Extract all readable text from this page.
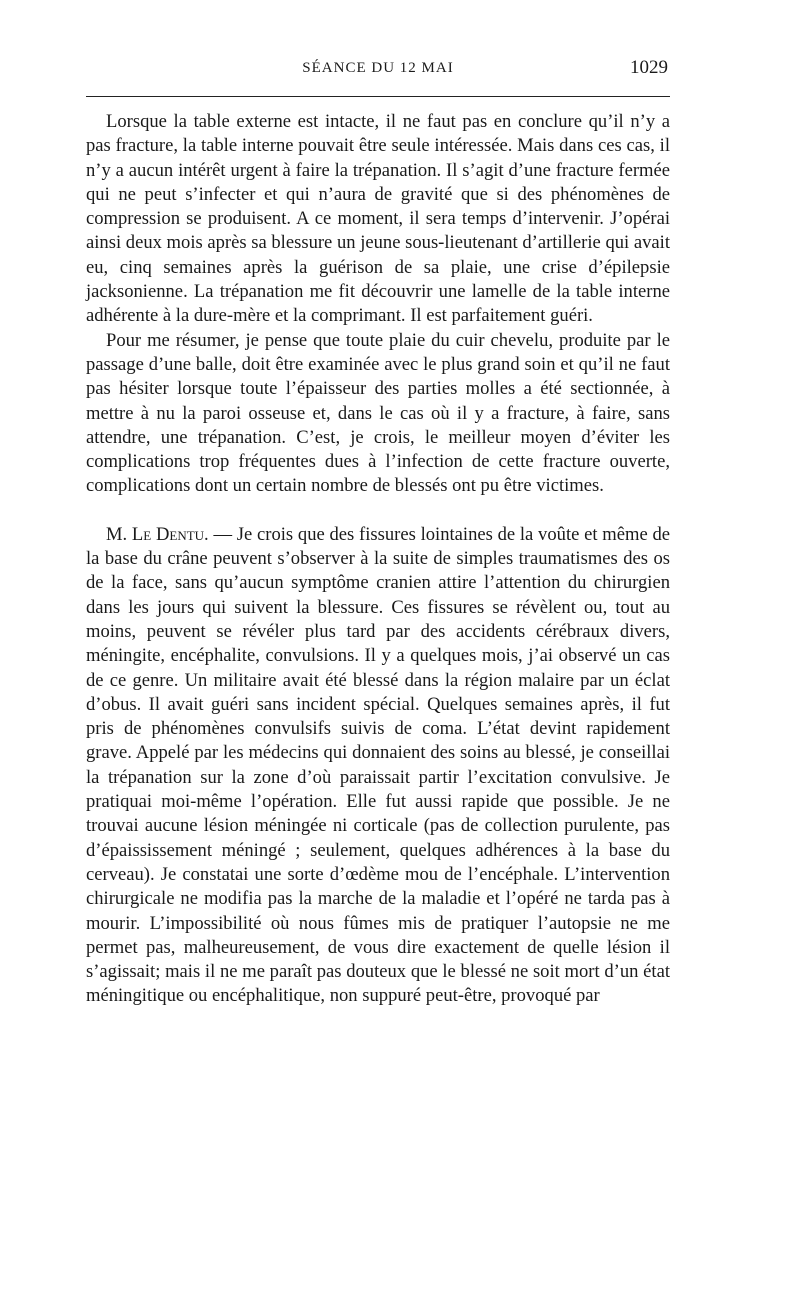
SÉANCE DU 12 MAI	1029

Lorsque la table externe est intacte, il ne faut pas en conclure qu’il n’y a pas fracture, la table interne pouvait être seule intéressée. Mais dans ces cas, il n’y a aucun intérêt urgent à faire la trépanation. Il s’agit d’une fracture fermée qui ne peut s’infecter et qui n’aura de gravité que si des phénomènes de compression se produisent. A ce moment, il sera temps d’intervenir. J’opérai ainsi deux mois après sa blessure un jeune sous-lieutenant d’artillerie qui avait eu, cinq semaines après la guérison de sa plaie, une crise d’épilepsie jacksonienne. La trépanation me fit découvrir une lamelle de la table interne adhérente à la dure-mère et la comprimant. Il est parfaitement guéri.

Pour me résumer, je pense que toute plaie du cuir chevelu, produite par le passage d’une balle, doit être examinée avec le plus grand soin et qu’il ne faut pas hésiter lorsque toute l’épaisseur des parties molles a été sectionnée, à mettre à nu la paroi osseuse et, dans le cas où il y a fracture, à faire, sans attendre, une trépanation. C’est, je crois, le meilleur moyen d’éviter les complications trop fréquentes dues à l’infection de cette fracture ouverte, complications dont un certain nombre de blessés ont pu être victimes.

M. Le Dentu. — Je crois que des fissures lointaines de la voûte et même de la base du crâne peuvent s’observer à la suite de simples traumatismes des os de la face, sans qu’aucun symptôme cranien attire l’attention du chirurgien dans les jours qui suivent la blessure. Ces fissures se révèlent ou, tout au moins, peuvent se révéler plus tard par des accidents cérébraux divers, méningite, encéphalite, convulsions. Il y a quelques mois, j’ai observé un cas de ce genre. Un militaire avait été blessé dans la région malaire par un éclat d’obus. Il avait guéri sans incident spécial. Quelques semaines après, il fut pris de phénomènes convulsifs suivis de coma. L’état devint rapidement grave. Appelé par les médecins qui donnaient des soins au blessé, je conseillai la trépanation sur la zone d’où paraissait partir l’excitation convulsive. Je pratiquai moi-même l’opération. Elle fut aussi rapide que possible. Je ne trouvai aucune lésion méningée ni corticale (pas de collection purulente, pas d’épaississement méningé ; seulement, quelques adhérences à la base du cerveau). Je constatai une sorte d’œdème mou de l’encéphale. L’intervention chirurgicale ne modifia pas la marche de la maladie et l’opéré ne tarda pas à mourir. L’impossibilité où nous fûmes mis de pratiquer l’autopsie ne me permet pas, malheureusement, de vous dire exactement de quelle lésion il s’agissait; mais il ne me paraît pas douteux que le blessé ne soit mort d’un état méningitique ou encéphalitique, non suppuré peut-être, provoqué par
